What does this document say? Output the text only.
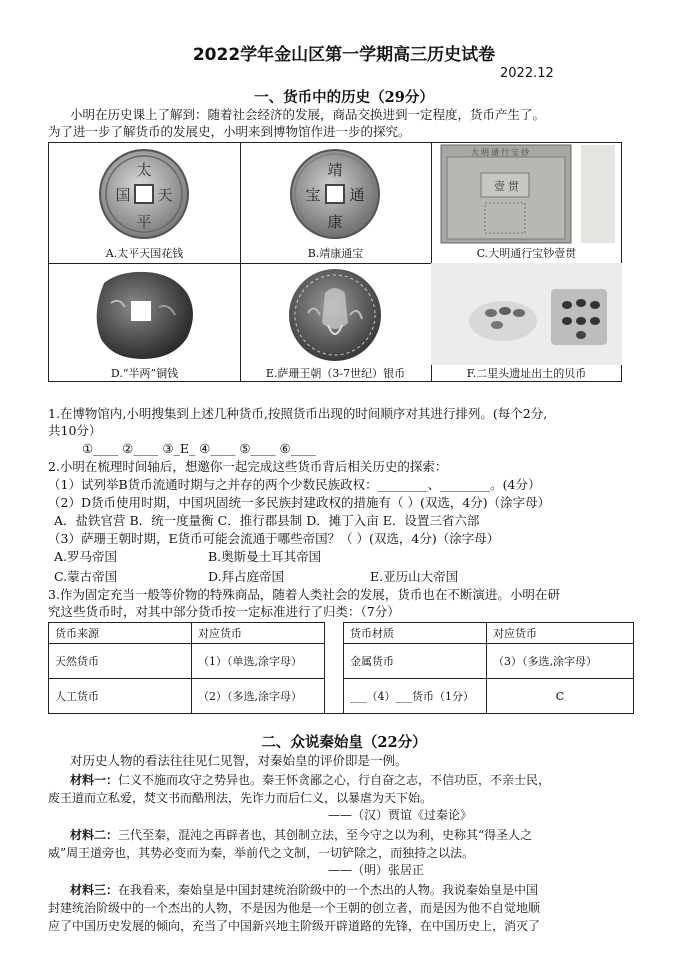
2022学年金山区第一学期高三历史试卷
2022.12
一、货币中的历史（29分）
小明在历史课上了解到：随着社会经济的发展，商品交换进到一定程度，货币产生了。
为了进一步了解货币的发展史，小明来到博物馆作进一步的探究。
太
平
天
国
A.太平天国花钱
靖
康
通
宝
B.靖康通宝
大 明 通 行 宝 钞
壹 贯
C.大明通行宝钞壹贯
D.“半两”铜钱	E.萨珊王朝（3-7世纪）银币	F.二里头遗址出土的贝币
1.在博物馆内,小明搜集到上述几种货币,按照货币出现的时间顺序对其进行排列。(每个2分,
共10分）
①____ ②____ ③_E_ ④____ ⑤____ ⑥____
2.小明在梳理时间轴后，想邀你一起完成这些货币背后相关历史的探索：
（1）试列举B货币流通时期与之并存的两个少数民族政权：________、________。(4分）
（2）D货币使用时期，中国巩固统一多民族封建政权的措施有（ ）(双选，4分)（涂字母）
A．盐铁官营 B．统一度量衡 C．推行郡县制 D．摊丁入亩 E．设置三省六部
（3）萨珊王朝时期，E货币可能会流通于哪些帝国？（ ）(双选，4分)（涂字母）
A.罗马帝国	B.奥斯曼土耳其帝国
C.蒙古帝国	D.拜占庭帝国	E.亚历山大帝国
3.作为固定充当一般等价物的特殊商品，随着人类社会的发展，货币也在不断演进。小明在研
究这些货币时，对其中部分货币按一定标准进行了归类：（7分）
货币来源	对应货币		货币材质	对应货币
天然货币	（1）（单选,涂字母）		金属货币	（3）（多选,涂字母）
人工货币	（2）（多选,涂字母）		___（4）___货币（1分）	C
二、众说秦始皇（22分）
对历史人物的看法往往见仁见智，对秦始皇的评价即是一例。
材料一：仁义不施而攻守之势异也。秦王怀贪鄙之心，行自奋之志，不信功臣，不亲士民，
废王道而立私爱，焚文书而酷刑法，先诈力而后仁义，以暴虐为天下始。
——（汉）贾谊《过秦论》
材料二：三代至秦，混沌之再辟者也，其创制立法，至今守之以为利，史称其“得圣人之
威”周王道旁也，其势必变而为秦，举前代之文制，一切铲除之，而独持之以法。
——（明）张居正
材料三：在我看来，秦始皇是中国封建统治阶级中的一个杰出的人物。我说秦始皇是中国
封建统治阶级中的一个杰出的人物，不是因为他是一个王朝的创立者，而是因为他不自觉地顺
应了中国历史发展的倾向，充当了中国新兴地主阶级开辟道路的先锋，在中国历史上，消灭了
